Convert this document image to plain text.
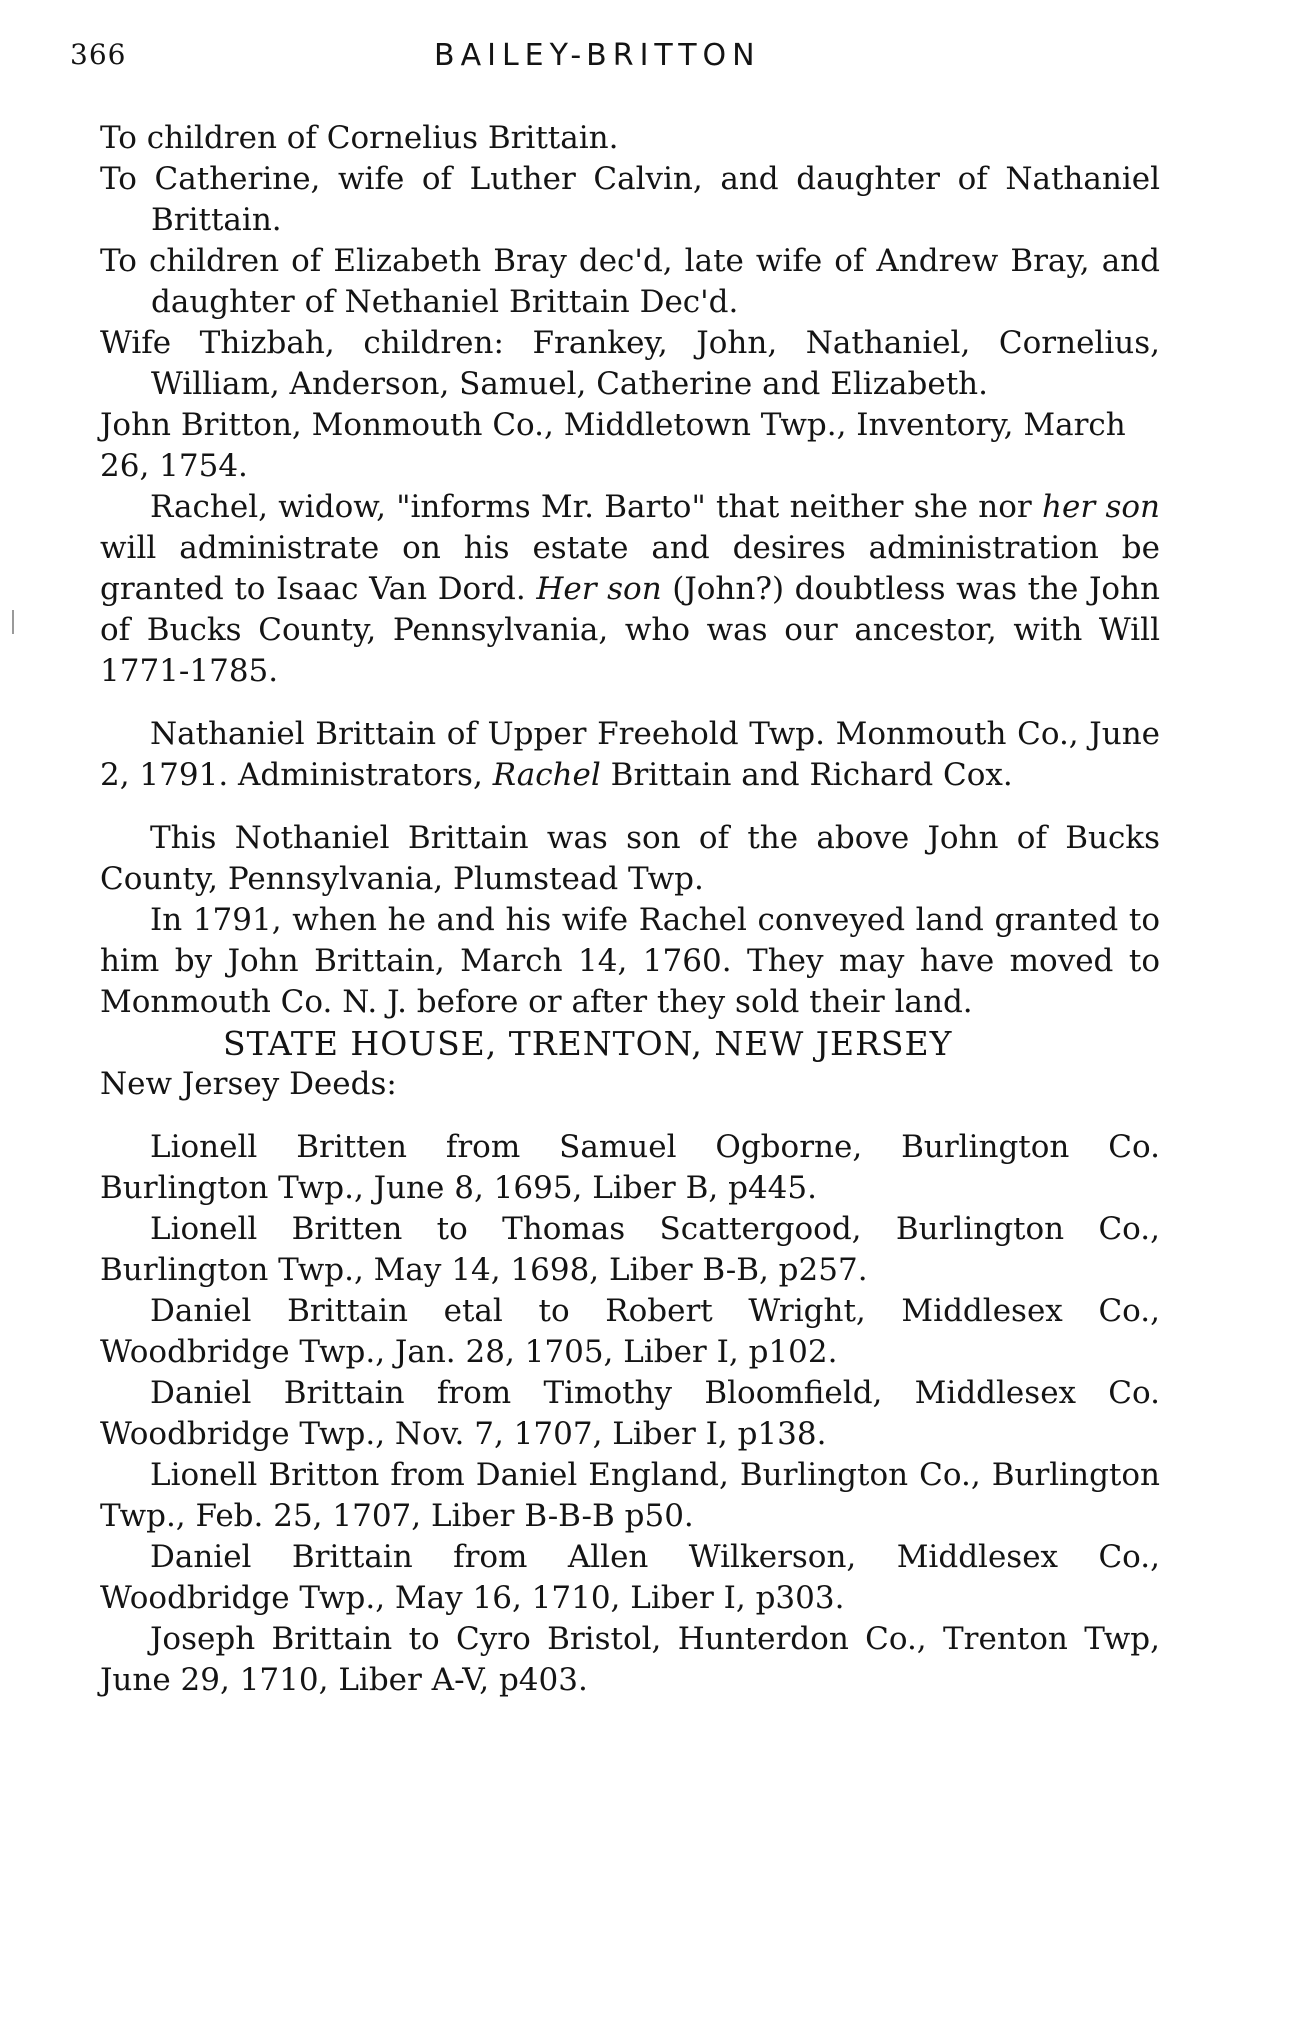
366	BAILEY-BRITTON

To children of Cornelius Brittain.

To Catherine, wife of Luther Calvin, and daughter of Nathaniel Brittain.

To children of Elizabeth Bray dec'd, late wife of Andrew Bray, and daughter of Nethaniel Brittain Dec'd.

Wife Thizbah, children: Frankey, John, Nathaniel, Cornelius, William, Anderson, Samuel, Catherine and Elizabeth.

John Britton, Monmouth Co., Middletown Twp., Inventory, March 26, 1754.

Rachel, widow, "informs Mr. Barto" that neither she nor her son will administrate on his estate and desires administration be granted to Isaac Van Dord. Her son (John?) doubtless was the John of Bucks County, Pennsylvania, who was our ancestor, with Will 1771-1785.

Nathaniel Brittain of Upper Freehold Twp. Monmouth Co., June 2, 1791. Administrators, Rachel Brittain and Richard Cox.

This Nothaniel Brittain was son of the above John of Bucks County, Pennsylvania, Plumstead Twp.

In 1791, when he and his wife Rachel conveyed land granted to him by John Brittain, March 14, 1760. They may have moved to Monmouth Co. N. J. before or after they sold their land.

STATE HOUSE, TRENTON, NEW JERSEY

New Jersey Deeds:

Lionell Britten from Samuel Ogborne, Burlington Co. Burlington Twp., June 8, 1695, Liber B, p445.

Lionell Britten to Thomas Scattergood, Burlington Co., Burlington Twp., May 14, 1698, Liber B-B, p257.

Daniel Brittain etal to Robert Wright, Middlesex Co., Woodbridge Twp., Jan. 28, 1705, Liber I, p102.

Daniel Brittain from Timothy Bloomfield, Middlesex Co. Woodbridge Twp., Nov. 7, 1707, Liber I, p138.

Lionell Britton from Daniel England, Burlington Co., Burlington Twp., Feb. 25, 1707, Liber B-B-B p50.

Daniel Brittain from Allen Wilkerson, Middlesex Co., Woodbridge Twp., May 16, 1710, Liber I, p303.

Joseph Brittain to Cyro Bristol, Hunterdon Co., Trenton Twp, June 29, 1710, Liber A-V, p403.
